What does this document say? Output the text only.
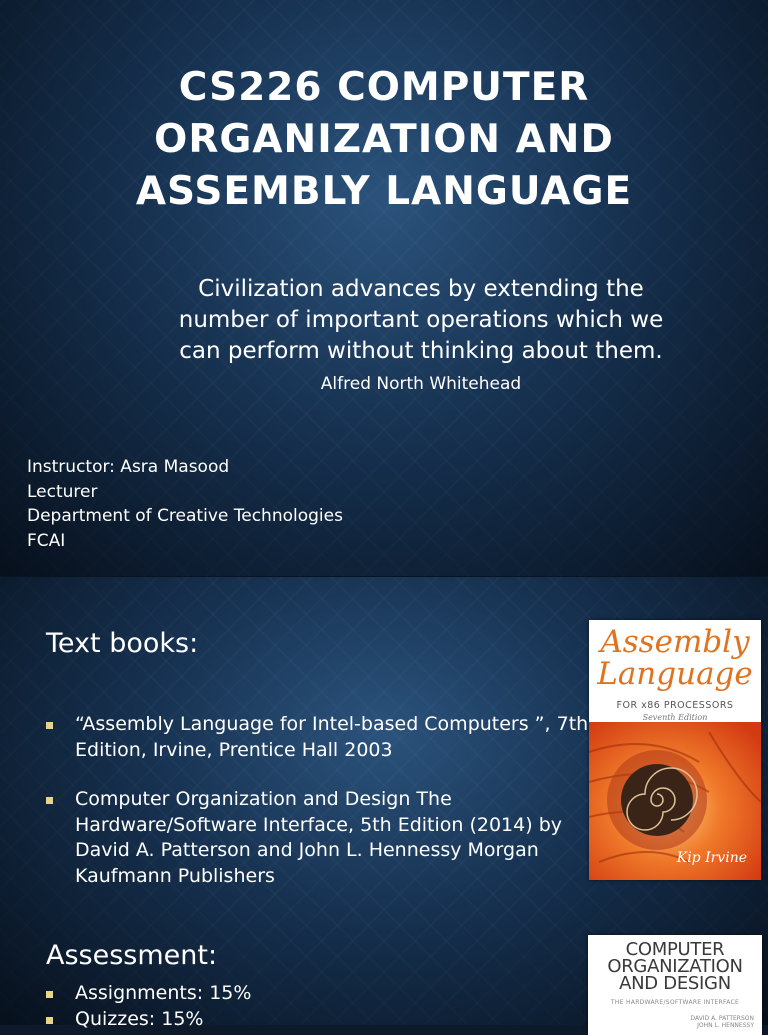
CS226 COMPUTER ORGANIZATION AND ASSEMBLY LANGUAGE
Civilization advances by extending the number of important operations which we can perform without thinking about them. Alfred North Whitehead
Instructor: Asra Masood
Lecturer
Department of Creative Technologies
FCAI
Text books:
“Assembly Language for Intel-based Computers ”, 7th Edition, Irvine, Prentice Hall 2003
Computer Organization and Design The Hardware/Software Interface, 5th Edition (2014) by David A. Patterson and John L. Hennessy Morgan Kaufmann Publishers
Assessment:
Assignments: 15%
Quizzes: 15%
Assembly
Language
FOR x86 PROCESSORS
Seventh Edition
Kip Irvine
COMPUTER
ORGANIZATION
AND DESIGN
THE HARDWARE/SOFTWARE INTERFACE
DAVID A. PATTERSON
JOHN L. HENNESSY
